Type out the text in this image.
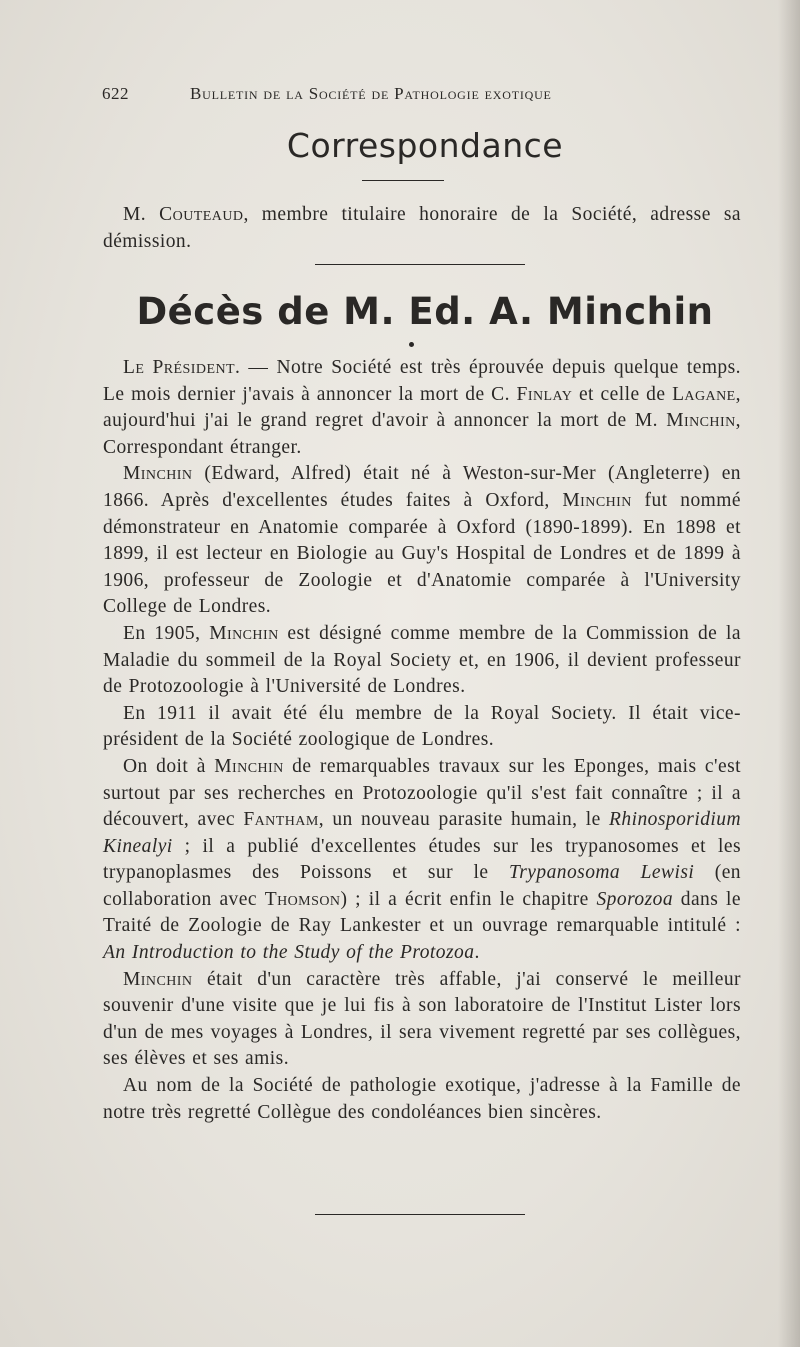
622	Bulletin de la Société de Pathologie exotique
Correspondance

M. Couteaud, membre titulaire honoraire de la Société, adresse sa démission.

Décès de M. Ed. A. Minchin

Le Président. — Notre Société est très éprouvée depuis quelque temps. Le mois dernier j'avais à annoncer la mort de C. Finlay et celle de Lagane, aujourd'hui j'ai le grand regret d'avoir à annoncer la mort de M. Minchin, Correspondant étranger.

Minchin (Edward, Alfred) était né à Weston-sur-Mer (Angleterre) en 1866. Après d'excellentes études faites à Oxford, Minchin fut nommé démonstrateur en Anatomie comparée à Oxford (1890-1899). En 1898 et 1899, il est lecteur en Biologie au Guy's Hospital de Londres et de 1899 à 1906, professeur de Zoologie et d'Anatomie comparée à l'University College de Londres.

En 1905, Minchin est désigné comme membre de la Commission de la Maladie du sommeil de la Royal Society et, en 1906, il devient professeur de Protozoologie à l'Université de Londres.

En 1911 il avait été élu membre de la Royal Society. Il était vice-président de la Société zoologique de Londres.

On doit à Minchin de remarquables travaux sur les Eponges, mais c'est surtout par ses recherches en Protozoologie qu'il s'est fait connaître ; il a découvert, avec Fantham, un nouveau parasite humain, le Rhinosporidium Kinealyi ; il a publié d'excellentes études sur les trypanosomes et les trypanoplasmes des Poissons et sur le Trypanosoma Lewisi (en collaboration avec Thomson) ; il a écrit enfin le chapitre Sporozoa dans le Traité de Zoologie de Ray Lankester et un ouvrage remarquable intitulé : An Introduction to the Study of the Protozoa.

Minchin était d'un caractère très affable, j'ai conservé le meilleur souvenir d'une visite que je lui fis à son laboratoire de l'Institut Lister lors d'un de mes voyages à Londres, il sera vivement regretté par ses collègues, ses élèves et ses amis.

Au nom de la Société de pathologie exotique, j'adresse à la Famille de notre très regretté Collègue des condoléances bien sincères.
